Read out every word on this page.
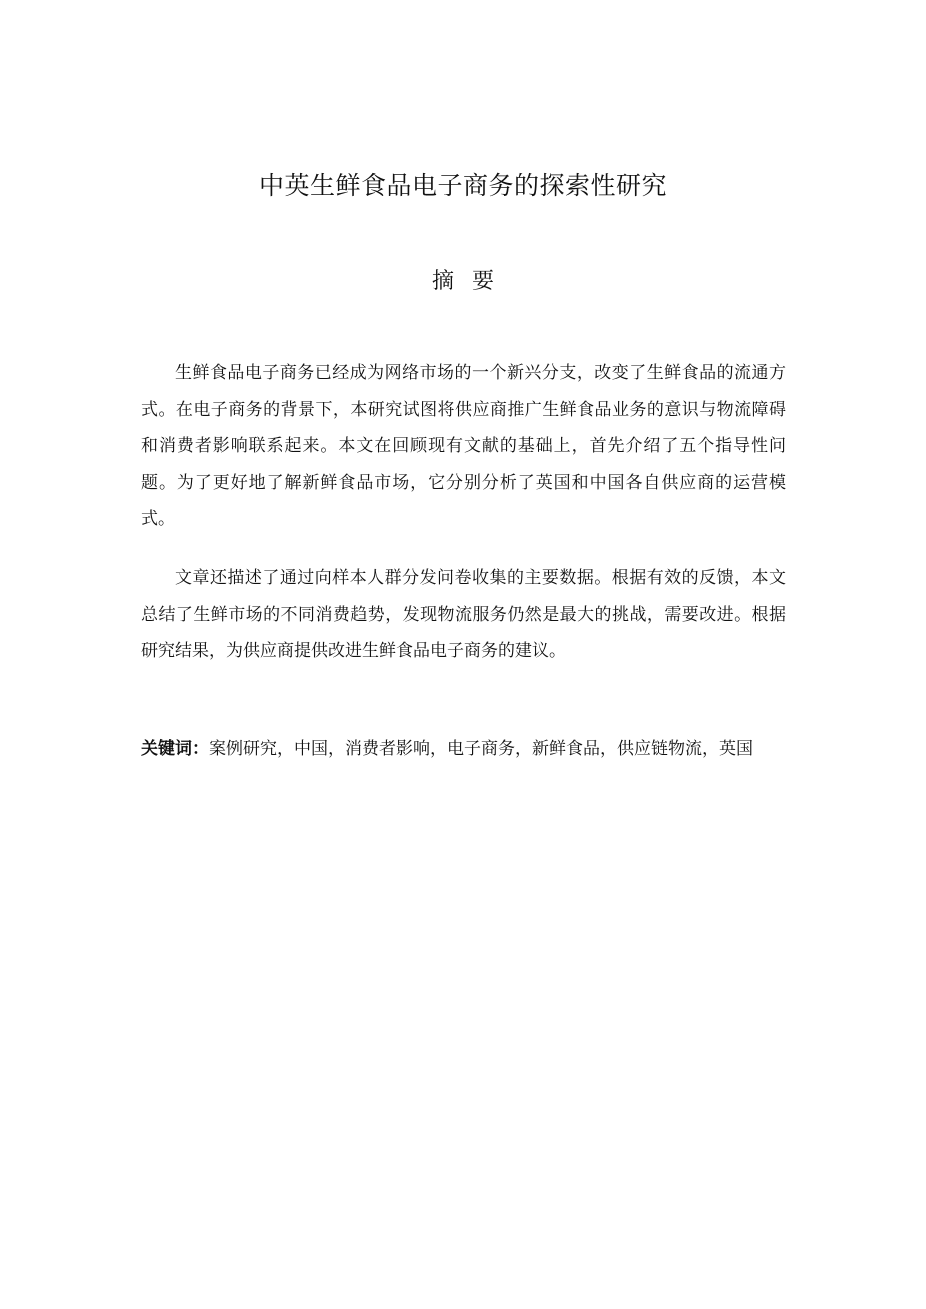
中英生鲜食品电子商务的探索性研究
摘要

生鲜食品电子商务已经成为网络市场的一个新兴分支，改变了生鲜食品的流通方式。在电子商务的背景下，本研究试图将供应商推广生鲜食品业务的意识与物流障碍和消费者影响联系起来。本文在回顾现有文献的基础上，首先介绍了五个指导性问题。为了更好地了解新鲜食品市场，它分别分析了英国和中国各自供应商的运营模式。

文章还描述了通过向样本人群分发问卷收集的主要数据。根据有效的反馈，本文总结了生鲜市场的不同消费趋势，发现物流服务仍然是最大的挑战，需要改进。根据研究结果，为供应商提供改进生鲜食品电子商务的建议。

关键词：案例研究，中国，消费者影响，电子商务，新鲜食品，供应链物流，英国
